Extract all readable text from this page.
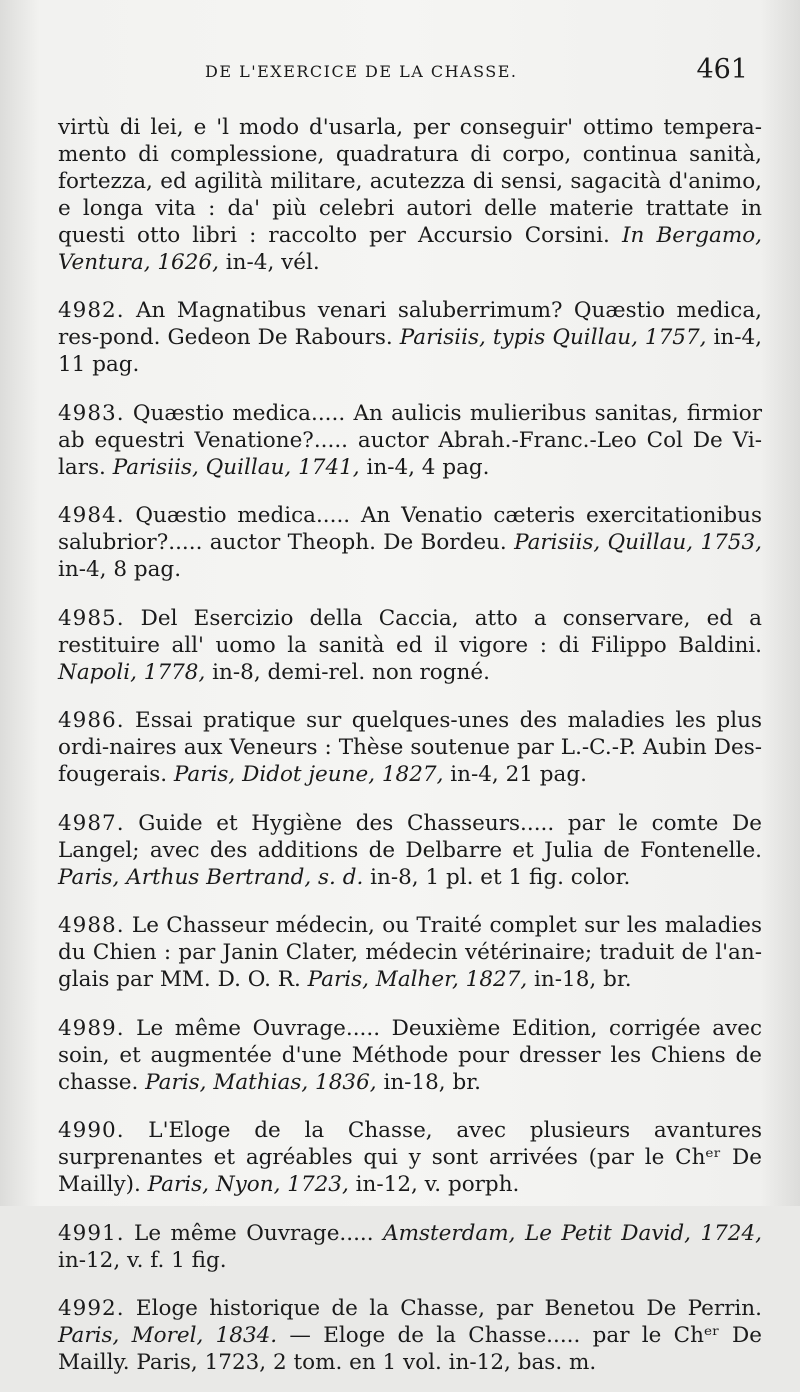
DE L'EXERCICE DE LA CHASSE.	461

virtù di lei, e 'l modo d'usarla, per conseguir' ottimo tempera-mento di complessione, quadratura di corpo, continua sanità, fortezza, ed agilità militare, acutezza di sensi, sagacità d'animo, e longa vita : da' più celebri autori delle materie trattate in questi otto libri : raccolto per Accursio Corsini. In Bergamo, Ventura, 1626, in-4, vél.

4982. An Magnatibus venari saluberrimum? Quæstio medica, res-pond. Gedeon De Rabours. Parisiis, typis Quillau, 1757, in-4, 11 pag.

4983. Quæstio medica..... An aulicis mulieribus sanitas, firmior ab equestri Venatione?..... auctor Abrah.-Franc.-Leo Col De Vi-lars. Parisiis, Quillau, 1741, in-4, 4 pag.

4984. Quæstio medica..... An Venatio cæteris exercitationibus salubrior?..... auctor Theoph. De Bordeu. Parisiis, Quillau, 1753, in-4, 8 pag.

4985. Del Esercizio della Caccia, atto a conservare, ed a restituire all' uomo la sanità ed il vigore : di Filippo Baldini. Napoli, 1778, in-8, demi-rel. non rogné.

4986. Essai pratique sur quelques-unes des maladies les plus ordi-naires aux Veneurs : Thèse soutenue par L.-C.-P. Aubin Des-fougerais. Paris, Didot jeune, 1827, in-4, 21 pag.

4987. Guide et Hygiène des Chasseurs..... par le comte De Langel; avec des additions de Delbarre et Julia de Fontenelle. Paris, Arthus Bertrand, s. d. in-8, 1 pl. et 1 fig. color.

4988. Le Chasseur médecin, ou Traité complet sur les maladies du Chien : par Janin Clater, médecin vétérinaire; traduit de l'an-glais par MM. D. O. R. Paris, Malher, 1827, in-18, br.

4989. Le même Ouvrage..... Deuxième Edition, corrigée avec soin, et augmentée d'une Méthode pour dresser les Chiens de chasse. Paris, Mathias, 1836, in-18, br.

4990. L'Eloge de la Chasse, avec plusieurs avantures surprenantes et agréables qui y sont arrivées (par le Chᵉʳ De Mailly). Paris, Nyon, 1723, in-12, v. porph.

4991. Le même Ouvrage..... Amsterdam, Le Petit David, 1724, in-12, v. f. 1 fig.

4992. Eloge historique de la Chasse, par Benetou De Perrin. Paris, Morel, 1834. — Eloge de la Chasse..... par le Chᵉʳ De Mailly. Paris, 1723, 2 tom. en 1 vol. in-12, bas. m.
